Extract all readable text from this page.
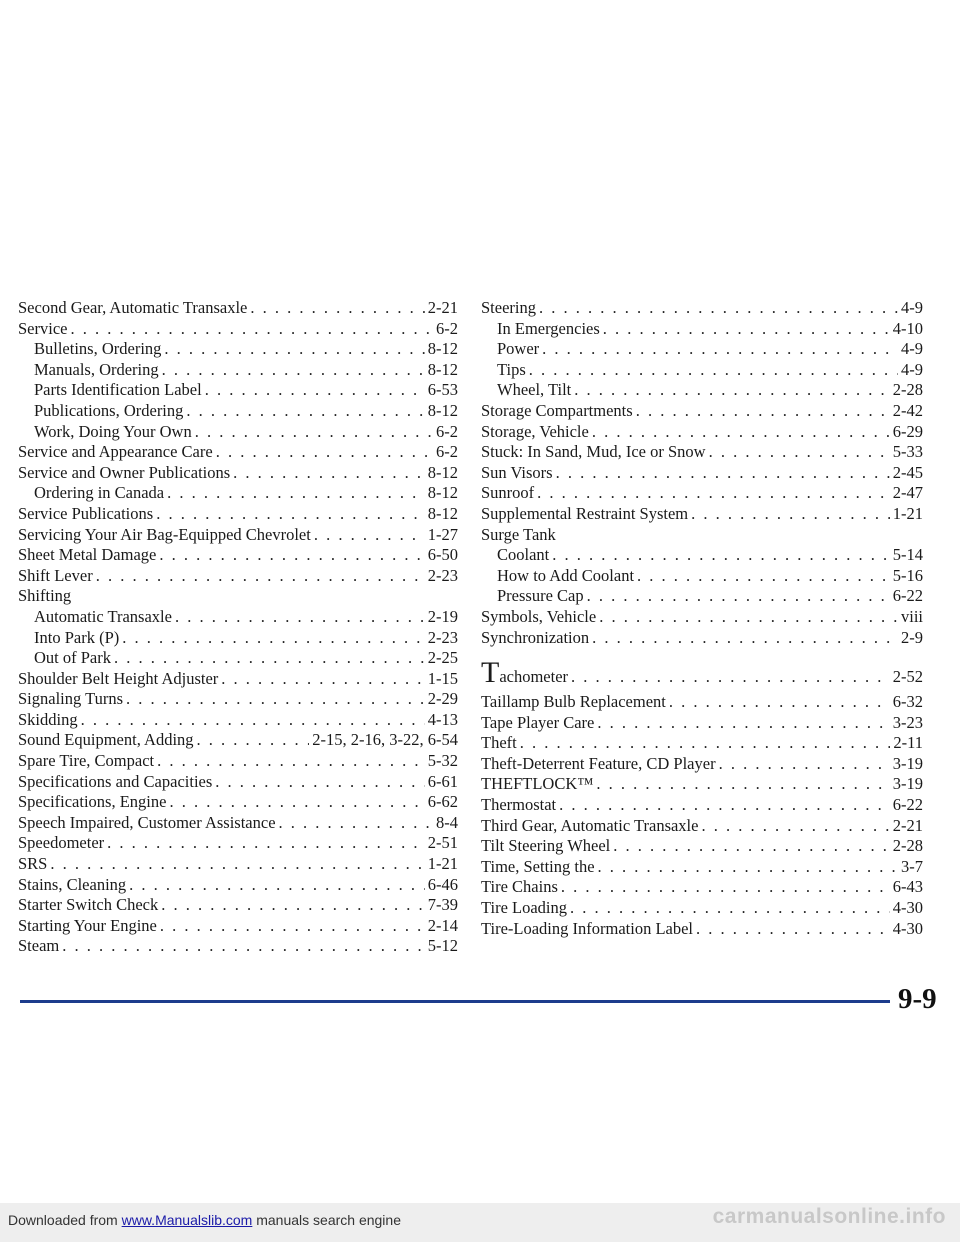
Second Gear, Automatic Transaxle . . .	2-21
Service . . .	6-2
Bulletins, Ordering . . .	8-12
Manuals, Ordering . . .	8-12
Parts Identification Label . . .	6-53
Publications, Ordering . . .	8-12
Work, Doing Your Own . . .	6-2
Service and Appearance Care . . .	6-2
Service and Owner Publications . . .	8-12
Ordering in Canada . . .	8-12
Service Publications . . .	8-12
Servicing Your Air Bag-Equipped Chevrolet . . .	1-27
Sheet Metal Damage . . .	6-50
Shift Lever . . .	2-23
Shifting
Automatic Transaxle . . .	2-19
Into Park (P) . . .	2-23
Out of Park . . .	2-25
Shoulder Belt Height Adjuster . . .	1-15
Signaling Turns . . .	2-29
Skidding . . .	4-13
Sound Equipment, Adding . . .	2-15, 2-16, 3-22, 6-54
Spare Tire, Compact . . .	5-32
Specifications and Capacities . . .	6-61
Specifications, Engine . . .	6-62
Speech Impaired, Customer Assistance . . .	8-4
Speedometer . . .	2-51
SRS . . .	1-21
Stains, Cleaning . . .	6-46
Starter Switch Check . . .	7-39
Starting Your Engine . . .	2-14
Steam . . .	5-12
Steering . . .	4-9
In Emergencies . . .	4-10
Power . . .	4-9
Tips . . .	4-9
Wheel, Tilt . . .	2-28
Storage Compartments . . .	2-42
Storage, Vehicle . . .	6-29
Stuck: In Sand, Mud, Ice or Snow . . .	5-33
Sun Visors . . .	2-45
Sunroof . . .	2-47
Supplemental Restraint System . . .	1-21
Surge Tank
Coolant . . .	5-14
How to Add Coolant . . .	5-16
Pressure Cap . . .	6-22
Symbols, Vehicle . . .	viii
Synchronization . . .	2-9
Tachometer . . .	2-52
Taillamp Bulb Replacement . . .	6-32
Tape Player Care . . .	3-23
Theft . . .	2-11
Theft-Deterrent Feature, CD Player . . .	3-19
THEFTLOCK™ . . .	3-19
Thermostat . . .	6-22
Third Gear, Automatic Transaxle . . .	2-21
Tilt Steering Wheel . . .	2-28
Time, Setting the . . .	3-7
Tire Chains . . .	6-43
Tire Loading . . .	4-30
Tire-Loading Information Label . . .	4-30
9-9
Downloaded from www.Manualslib.com manuals search engine	carmanualsonline.info
